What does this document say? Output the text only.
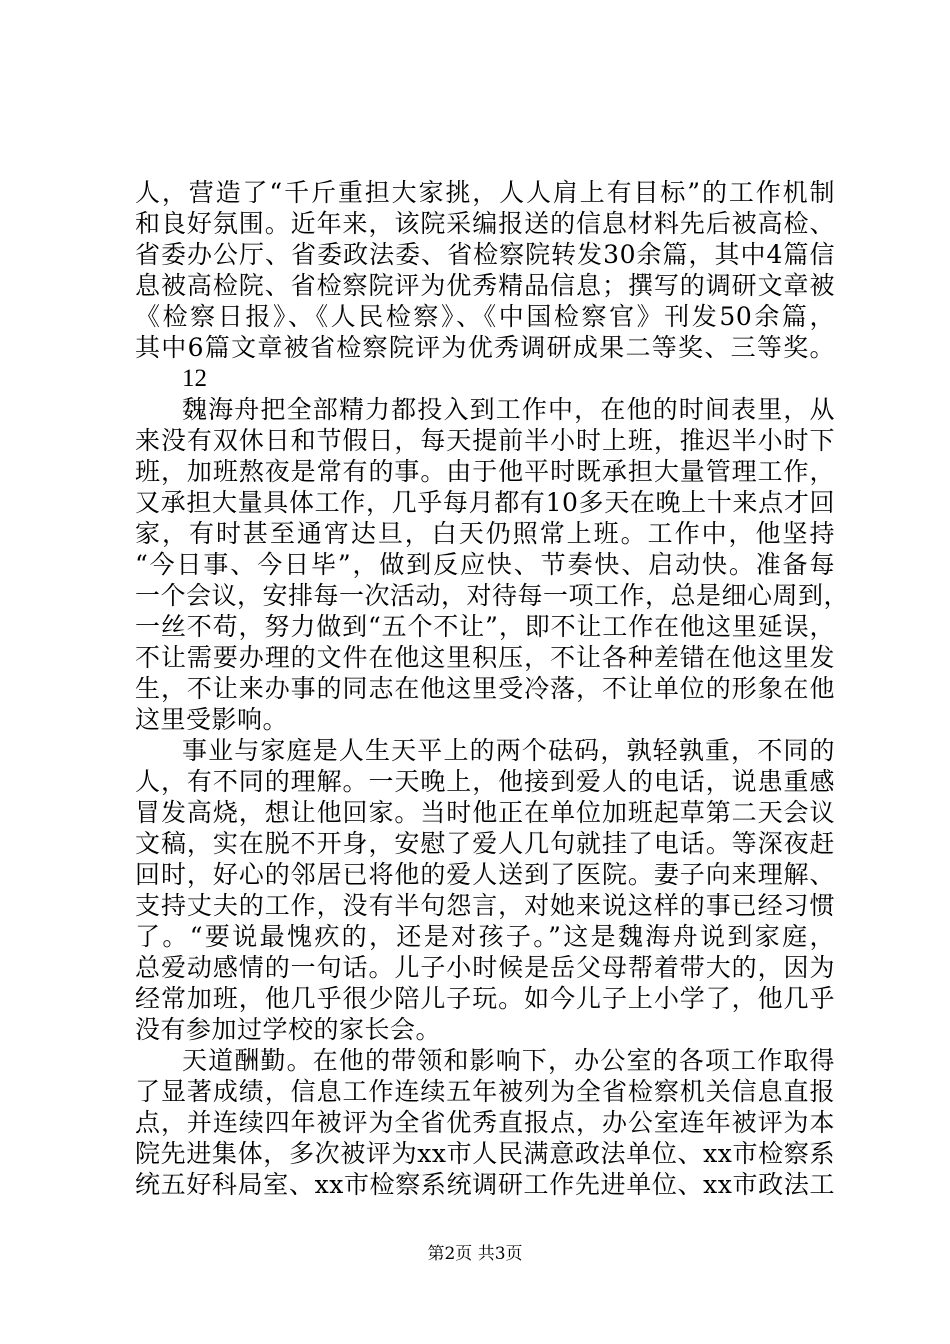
人，营造了“千斤重担大家挑，人人肩上有目标”的工作机制
和良好氛围。近年来，该院采编报送的信息材料先后被高检、
省委办公厅、省委政法委、省检察院转发30余篇，其中4篇信
息被高检院、省检察院评为优秀精品信息；撰写的调研文章被
《检察日报》、《人民检察》、《中国检察官》刊发50余篇，
其中6篇文章被省检察院评为优秀调研成果二等奖、三等奖。
12
魏海舟把全部精力都投入到工作中，在他的时间表里，从
来没有双休日和节假日，每天提前半小时上班，推迟半小时下
班，加班熬夜是常有的事。由于他平时既承担大量管理工作，
又承担大量具体工作，几乎每月都有10多天在晚上十来点才回
家，有时甚至通宵达旦，白天仍照常上班。工作中，他坚持
“今日事、今日毕”，做到反应快、节奏快、启动快。准备每
一个会议，安排每一次活动，对待每一项工作，总是细心周到，
一丝不苟，努力做到“五个不让”，即不让工作在他这里延误，
不让需要办理的文件在他这里积压，不让各种差错在他这里发
生，不让来办事的同志在他这里受冷落，不让单位的形象在他
这里受影响。
事业与家庭是人生天平上的两个砝码，孰轻孰重，不同的
人，有不同的理解。一天晚上，他接到爱人的电话，说患重感
冒发高烧，想让他回家。当时他正在单位加班起草第二天会议
文稿，实在脱不开身，安慰了爱人几句就挂了电话。等深夜赶
回时，好心的邻居已将他的爱人送到了医院。妻子向来理解、
支持丈夫的工作，没有半句怨言，对她来说这样的事已经习惯
了。“要说最愧疚的，还是对孩子。”这是魏海舟说到家庭，
总爱动感情的一句话。儿子小时候是岳父母帮着带大的，因为
经常加班，他几乎很少陪儿子玩。如今儿子上小学了，他几乎
没有参加过学校的家长会。
天道酬勤。在他的带领和影响下，办公室的各项工作取得
了显著成绩，信息工作连续五年被列为全省检察机关信息直报
点，并连续四年被评为全省优秀直报点，办公室连年被评为本
院先进集体，多次被评为xx市人民满意政法单位、xx市检察系
统五好科局室、xx市检察系统调研工作先进单位、xx市政法工
第2页 共3页
